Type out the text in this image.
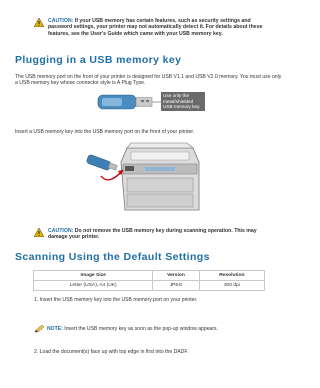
CAUTION: If your USB memory has certain features, such as security settings and password settings, your printer may not automatically detect it. For details about these features, see the User's Guide which came with your USB memory key.
Plugging in a USB memory key

The USB memory port on the front of your printer is designed for USB V1.1 and USB V2.0 memory. You must use only a USB memory key whose connector style is A Plug Type.

Use only the metal/shielded
USB memory key.

Insert a USB memory key into the USB memory port on the front of your printer.

CAUTION: Do not remove the USB memory key during scanning operation. This may damage your printer.
Scanning Using the Default Settings
Image Size	Version	Resolution
Letter (USA), A4 (UK)	JPEG	300 dpi

1. Insert the USB memory key into the USB memory port on your printer.

NOTE: Insert the USB memory key as soon as the pop-up window appears.

2. Load the document(s) face up with top edge in first into the DADF.
